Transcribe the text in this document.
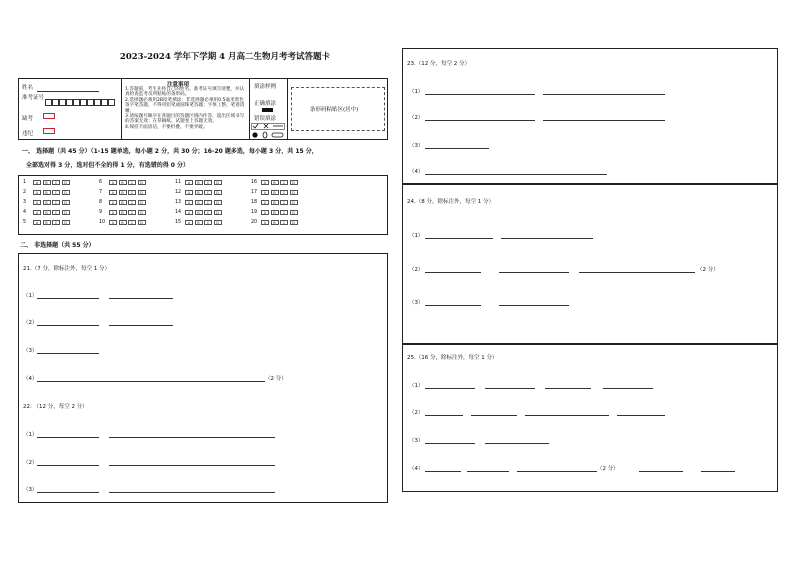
2023-2024 学年下学期 4 月高二生物月考考试答题卡
姓名
准考证号
缺考
违纪
注意事项
1.答题前，考生先将自己的姓名、准考证号填写清楚，并认真检查监考员所粘贴的条形码。
2.选择题必须用2B铅笔填涂；非选择题必须用0.5毫米黑色签字笔答题，不得用铅笔或圆珠笔答题；字体工整、笔迹清晰。
3.请按题号顺序在各题目的答题区域内作答，超出区域书写的答案无效；在草稿纸、试题卷上答题无效。
4.保持卡面清洁，不要折叠、不要弄破。
填涂样例
正确填涂
错误填涂
条形码粘贴区(居中)
一、 选择题（共 45 分）（1-15 题单选，每小题 2 分，共 30 分；16-20 题多选，每小题 3 分，共 15 分，
全部选对得 3 分，选对但不全的得 1 分，有选错的得 0 分）
1	A	B	C	D
2	A	B	C	D
3	A	B	C	D
4	A	B	C	D
5	A	B	C	D
6	A	B	C	D
7	A	B	C	D
8	A	B	C	D
9	A	B	C	D
10	A	B	C	D
11	A	B	C	D
12	A	B	C	D
13	A	B	C	D
14	A	B	C	D
15	A	B	C	D
16	A	B	C	D
17	A	B	C	D
18	A	B	C	D
19	A	B	C	D
20	A	B	C	D
二、 非选择题（共 55 分）
21.（7 分，除标注外，每空 1 分）
（1）
（2）
（3）
（4）	（2 分）
22. （12 分，每空 2 分）
（1）
（2）
（3）
23.（12 分，每空 2 分）
（1）
（2）
（3）
（4）
24.（8 分，除标注外，每空 1 分）
（1）
（2）	（2 分）
（3）
25.（16 分，除标注外，每空 1 分）
（1）
（2）
（3）
（4）	（2 分）
